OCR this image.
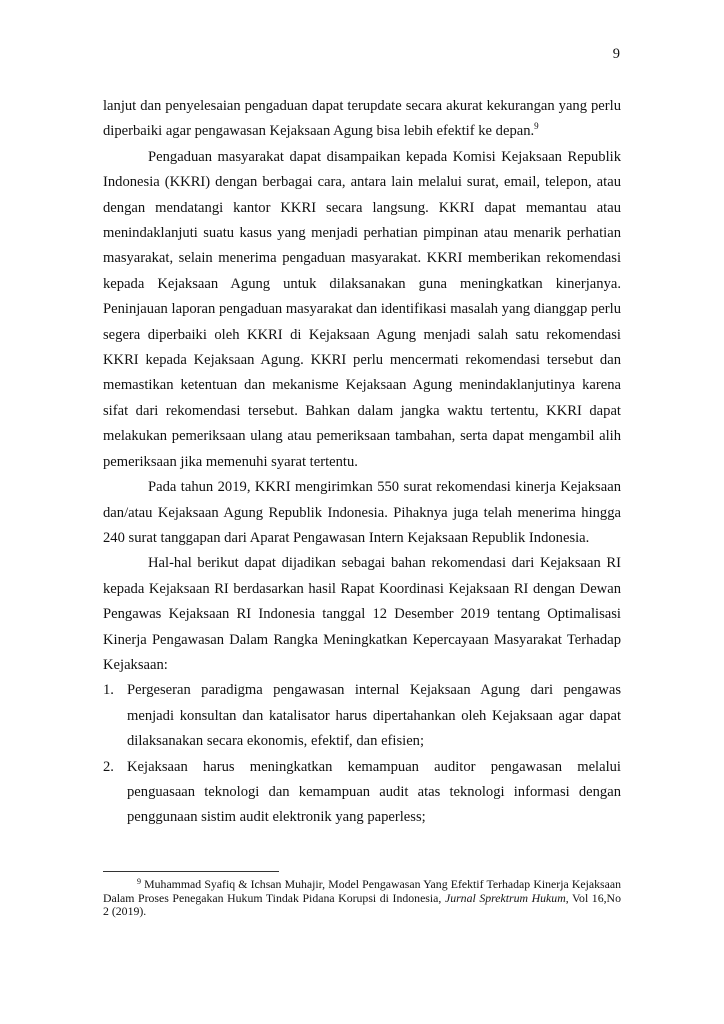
9

lanjut dan penyelesaian pengaduan dapat terupdate secara akurat kekurangan yang perlu diperbaiki agar pengawasan Kejaksaan Agung bisa lebih efektif ke depan.$^9$

Pengaduan masyarakat dapat disampaikan kepada Komisi Kejaksaan Republik Indonesia (KKRI) dengan berbagai cara, antara lain melalui surat, email, telepon, atau dengan mendatangi kantor KKRI secara langsung. KKRI dapat memantau atau menindaklanjuti suatu kasus yang menjadi perhatian pimpinan atau menarik perhatian masyarakat, selain menerima pengaduan masyarakat. KKRI memberikan rekomendasi kepada Kejaksaan Agung untuk dilaksanakan guna meningkatkan kinerjanya. Peninjauan laporan pengaduan masyarakat dan identifikasi masalah yang dianggap perlu segera diperbaiki oleh KKRI di Kejaksaan Agung menjadi salah satu rekomendasi KKRI kepada Kejaksaan Agung. KKRI perlu mencermati rekomendasi tersebut dan memastikan ketentuan dan mekanisme Kejaksaan Agung menindaklanjutinya karena sifat dari rekomendasi tersebut. Bahkan dalam jangka waktu tertentu, KKRI dapat melakukan pemeriksaan ulang atau pemeriksaan tambahan, serta dapat mengambil alih pemeriksaan jika memenuhi syarat tertentu.

Pada tahun 2019, KKRI mengirimkan 550 surat rekomendasi kinerja Kejaksaan dan/atau Kejaksaan Agung Republik Indonesia. Pihaknya juga telah menerima hingga 240 surat tanggapan dari Aparat Pengawasan Intern Kejaksaan Republik Indonesia.

Hal-hal berikut dapat dijadikan sebagai bahan rekomendasi dari Kejaksaan RI kepada Kejaksaan RI berdasarkan hasil Rapat Koordinasi Kejaksaan RI dengan Dewan Pengawas Kejaksaan RI Indonesia tanggal 12 Desember 2019 tentang Optimalisasi Kinerja Pengawasan Dalam Rangka Meningkatkan Kepercayaan Masyarakat Terhadap Kejaksaan:

1. Pergeseran paradigma pengawasan internal Kejaksaan Agung dari pengawas menjadi konsultan dan katalisator harus dipertahankan oleh Kejaksaan agar dapat dilaksanakan secara ekonomis, efektif, dan efisien;
2. Kejaksaan harus meningkatkan kemampuan auditor pengawasan melalui penguasaan teknologi dan kemampuan audit atas teknologi informasi dengan penggunaan sistim audit elektronik yang paperless;
$^9$ Muhammad Syafiq & Ichsan Muhajir, Model Pengawasan Yang Efektif Terhadap Kinerja Kejaksaan Dalam Proses Penegakan Hukum Tindak Pidana Korupsi di Indonesia, Jurnal Sprektrum Hukum, Vol 16,No 2 (2019).
